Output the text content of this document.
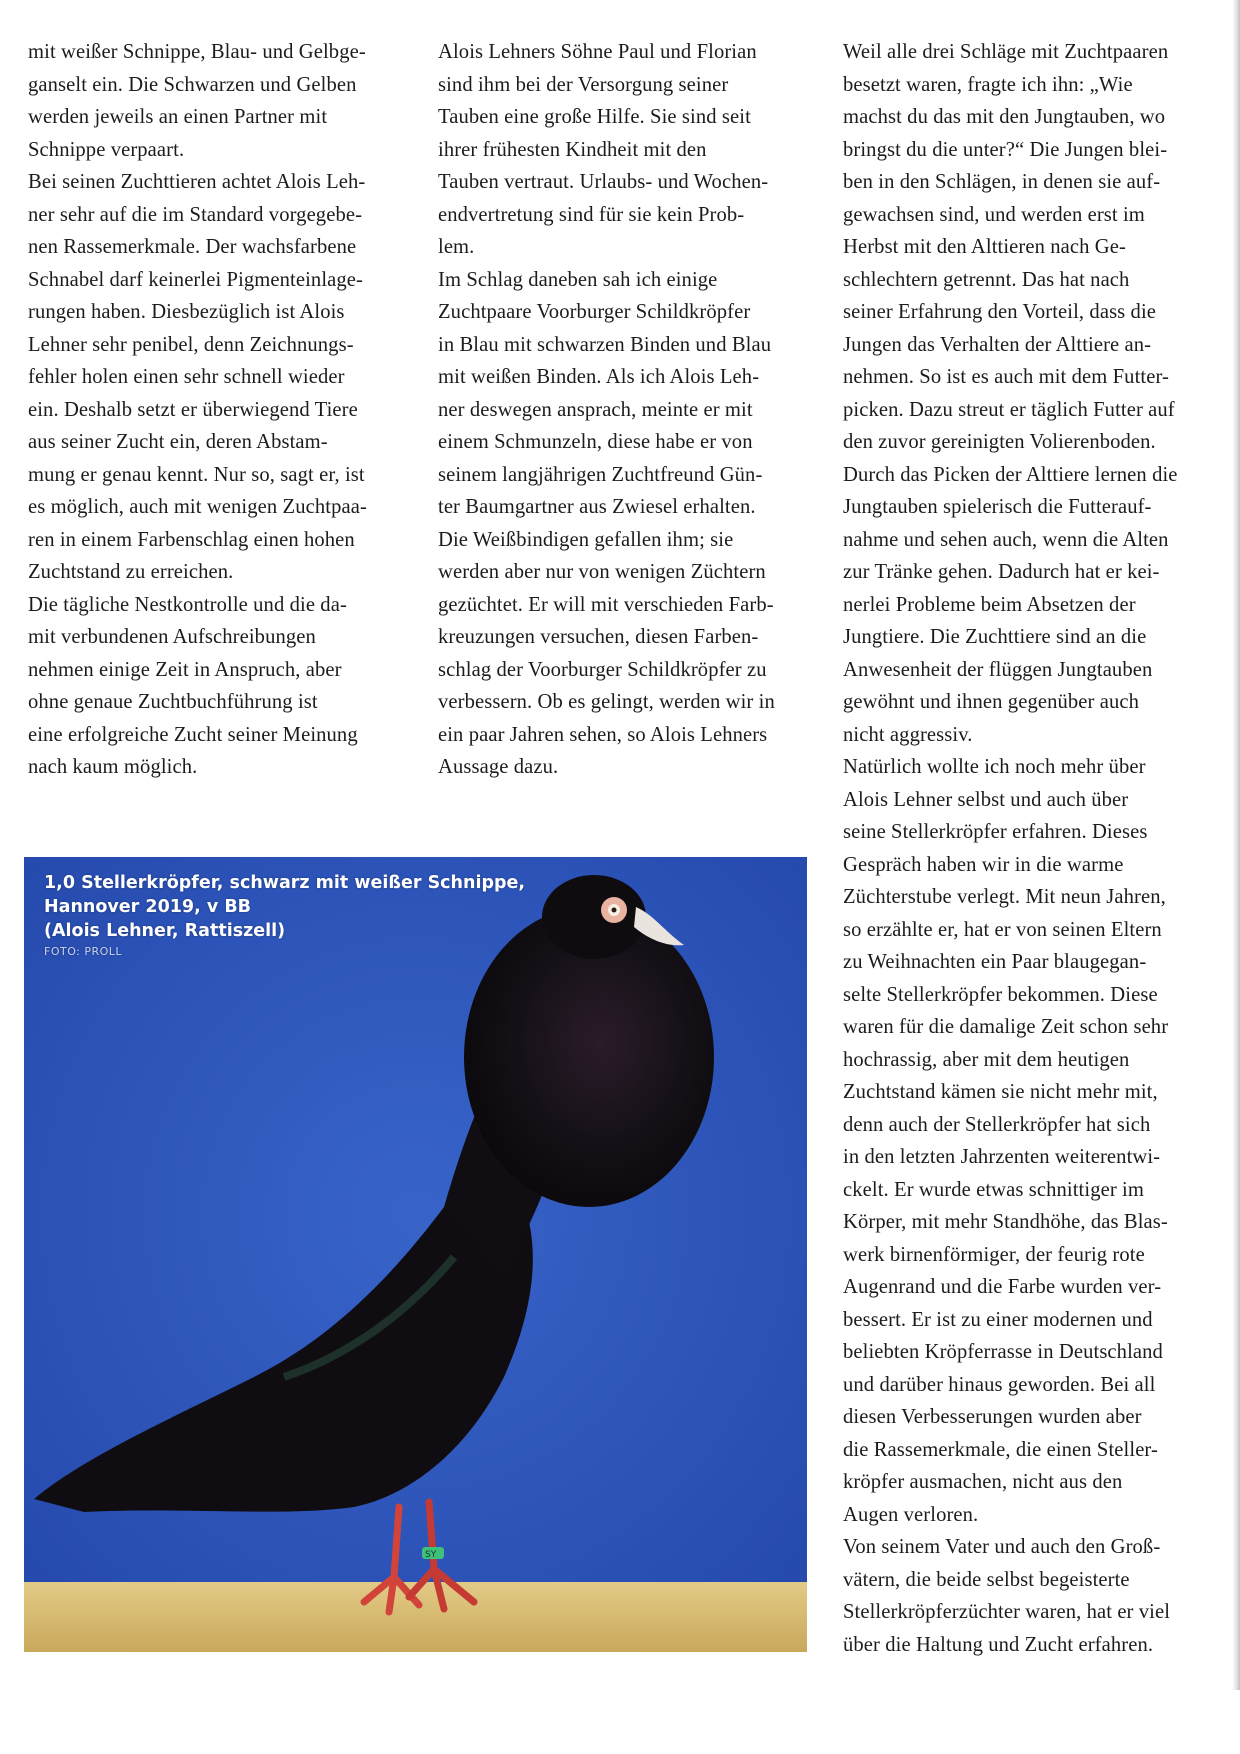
mit weißer Schnippe, Blau- und Gelbge-
ganselt ein. Die Schwarzen und Gelben
werden jeweils an einen Partner mit
Schnippe verpaart.
Bei seinen Zuchttieren achtet Alois Leh-
ner sehr auf die im Standard vorgegebe-
nen Rassemerkmale. Der wachsfarbene
Schnabel darf keinerlei Pigmenteinlage-
rungen haben. Diesbezüglich ist Alois
Lehner sehr penibel, denn Zeichnungs-
fehler holen einen sehr schnell wieder
ein. Deshalb setzt er überwiegend Tiere
aus seiner Zucht ein, deren Abstam-
mung er genau kennt. Nur so, sagt er, ist
es möglich, auch mit wenigen Zuchtpaa-
ren in einem Farbenschlag einen hohen
Zuchtstand zu erreichen.
Die tägliche Nestkontrolle und die da-
mit verbundenen Aufschreibungen
nehmen einige Zeit in Anspruch, aber
ohne genaue Zuchtbuchführung ist
eine erfolgreiche Zucht seiner Meinung
nach kaum möglich.
Alois Lehners Söhne Paul und Florian
sind ihm bei der Versorgung seiner
Tauben eine große Hilfe. Sie sind seit
ihrer frühesten Kindheit mit den
Tauben vertraut. Urlaubs- und Wochen-
endvertretung sind für sie kein Prob-
lem.
Im Schlag daneben sah ich einige
Zuchtpaare Voorburger Schildkröpfer
in Blau mit schwarzen Binden und Blau
mit weißen Binden. Als ich Alois Leh-
ner deswegen ansprach, meinte er mit
einem Schmunzeln, diese habe er von
seinem langjährigen Zuchtfreund Gün-
ter Baumgartner aus Zwiesel erhalten.
Die Weißbindigen gefallen ihm; sie
werden aber nur von wenigen Züchtern
gezüchtet. Er will mit verschieden Farb-
kreuzungen versuchen, diesen Farben-
schlag der Voorburger Schildkröpfer zu
verbessern. Ob es gelingt, werden wir in
ein paar Jahren sehen, so Alois Lehners
Aussage dazu.
Weil alle drei Schläge mit Zuchtpaaren
besetzt waren, fragte ich ihn: „Wie
machst du das mit den Jungtauben, wo
bringst du die unter?“ Die Jungen blei-
ben in den Schlägen, in denen sie auf-
gewachsen sind, und werden erst im
Herbst mit den Alttieren nach Ge-
schlechtern getrennt. Das hat nach
seiner Erfahrung den Vorteil, dass die
Jungen das Verhalten der Alttiere an-
nehmen. So ist es auch mit dem Futter-
picken. Dazu streut er täglich Futter auf
den zuvor gereinigten Volierenboden.
Durch das Picken der Alttiere lernen die
Jungtauben spielerisch die Futterauf-
nahme und sehen auch, wenn die Alten
zur Tränke gehen. Dadurch hat er kei-
nerlei Probleme beim Absetzen der
Jungtiere. Die Zuchttiere sind an die
Anwesenheit der flüggen Jungtauben
gewöhnt und ihnen gegenüber auch
nicht aggressiv.
Natürlich wollte ich noch mehr über
Alois Lehner selbst und auch über
seine Stellerkröpfer erfahren. Dieses
Gespräch haben wir in die warme
Züchterstube verlegt. Mit neun Jahren,
so erzählte er, hat er von seinen Eltern
zu Weihnachten ein Paar blaugegan-
selte Stellerkröpfer bekommen. Diese
waren für die damalige Zeit schon sehr
hochrassig, aber mit dem heutigen
Zuchtstand kämen sie nicht mehr mit,
denn auch der Stellerkröpfer hat sich
in den letzten Jahrzenten weiterentwi-
ckelt. Er wurde etwas schnittiger im
Körper, mit mehr Standhöhe, das Blas-
werk birnenförmiger, der feurig rote
Augenrand und die Farbe wurden ver-
bessert. Er ist zu einer modernen und
beliebten Kröpferrasse in Deutschland
und darüber hinaus geworden. Bei all
diesen Verbesserungen wurden aber
die Rassemerkmale, die einen Steller-
kröpfer ausmachen, nicht aus den
Augen verloren.
Von seinem Vater und auch den Groß-
vätern, die beide selbst begeisterte
Stellerkröpferzüchter waren, hat er viel
über die Haltung und Zucht erfahren.
SY
1,0 Stellerkröpfer, schwarz mit weißer Schnippe,
Hannover 2019, v BB
(Alois Lehner, Rattiszell)
FOTO: PROLL
